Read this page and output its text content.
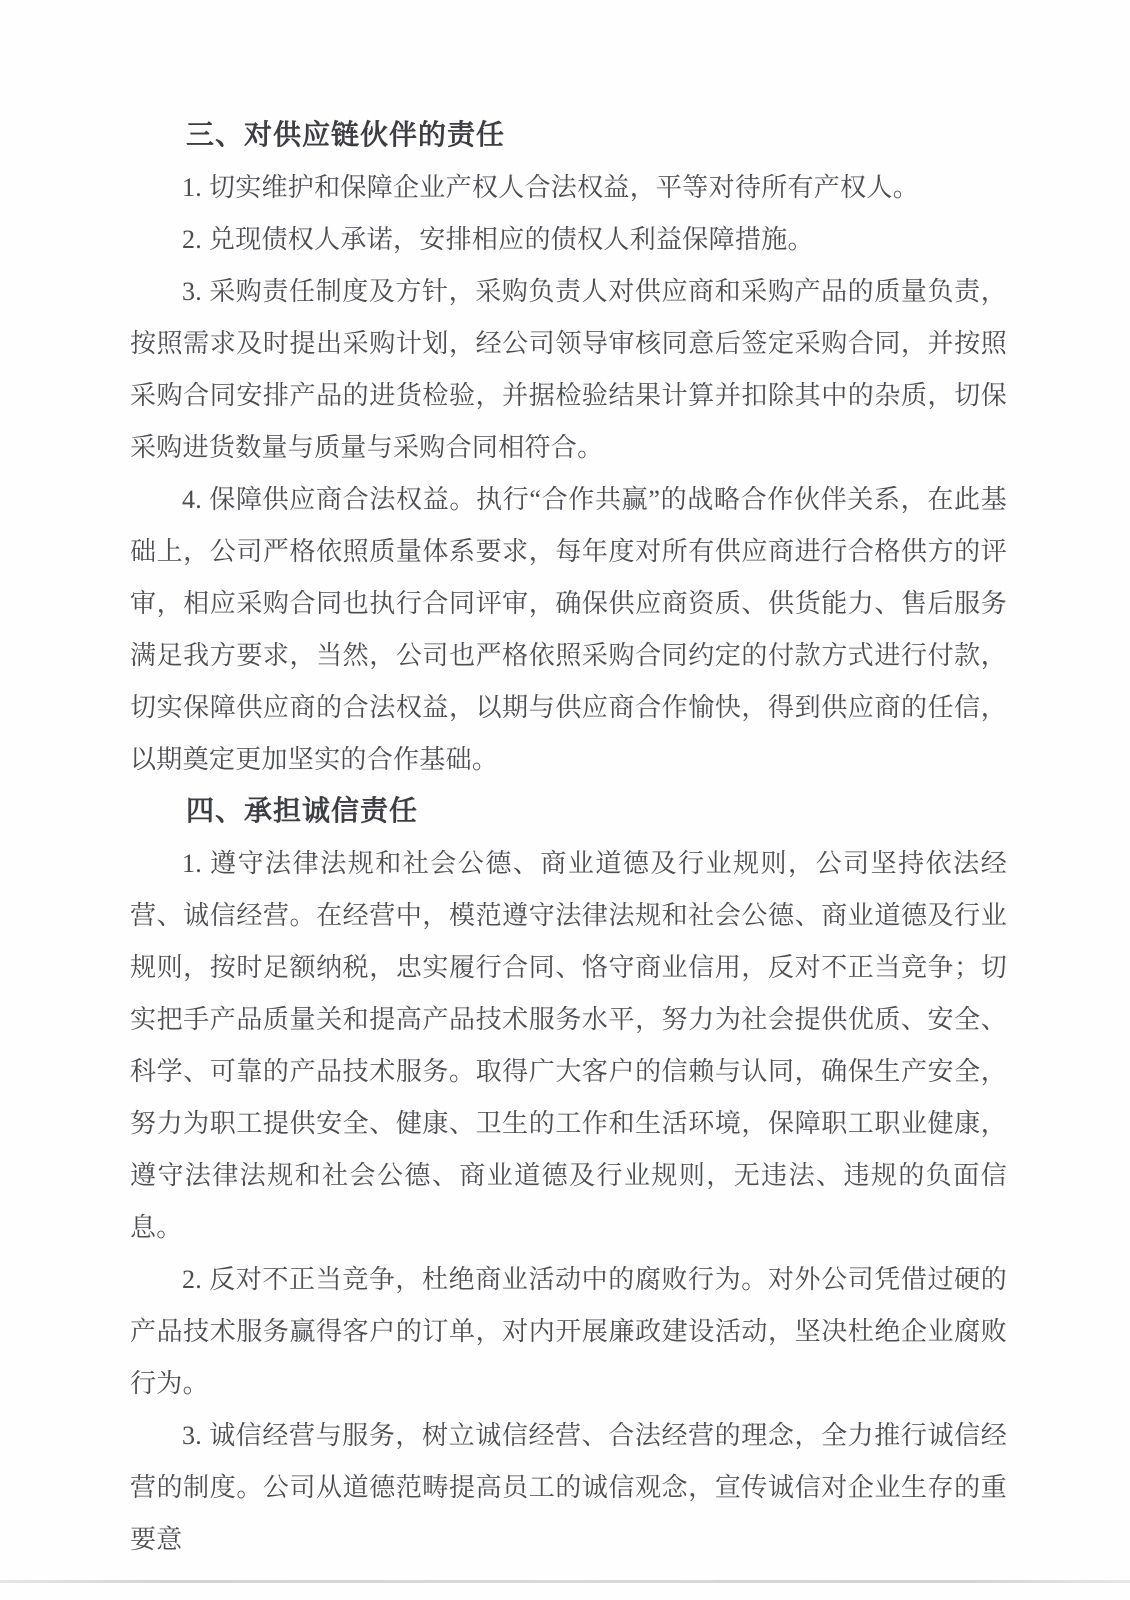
三、对供应链伙伴的责任

1. 切实维护和保障企业产权人合法权益，平等对待所有产权人。

2. 兑现债权人承诺，安排相应的债权人利益保障措施。

3. 采购责任制度及方针，采购负责人对供应商和采购产品的质量负责，按照需求及时提出采购计划，经公司领导审核同意后签定采购合同，并按照采购合同安排产品的进货检验，并据检验结果计算并扣除其中的杂质，切保采购进货数量与质量与采购合同相符合。

4. 保障供应商合法权益。执行“合作共赢”的战略合作伙伴关系，在此基础上，公司严格依照质量体系要求，每年度对所有供应商进行合格供方的评审，相应采购合同也执行合同评审，确保供应商资质、供货能力、售后服务满足我方要求，当然，公司也严格依照采购合同约定的付款方式进行付款，切实保障供应商的合法权益，以期与供应商合作愉快，得到供应商的任信，以期奠定更加坚实的合作基础。

四、承担诚信责任

1. 遵守法律法规和社会公德、商业道德及行业规则，公司坚持依法经营、诚信经营。在经营中，模范遵守法律法规和社会公德、商业道德及行业规则，按时足额纳税，忠实履行合同、恪守商业信用，反对不正当竞争；切实把手产品质量关和提高产品技术服务水平，努力为社会提供优质、安全、科学、可靠的产品技术服务。取得广大客户的信赖与认同，确保生产安全，努力为职工提供安全、健康、卫生的工作和生活环境，保障职工职业健康，遵守法律法规和社会公德、商业道德及行业规则，无违法、违规的负面信息。

2. 反对不正当竞争，杜绝商业活动中的腐败行为。对外公司凭借过硬的产品技术服务赢得客户的订单，对内开展廉政建设活动，坚决杜绝企业腐败行为。

3. 诚信经营与服务，树立诚信经营、合法经营的理念，全力推行诚信经营的制度。公司从道德范畴提高员工的诚信观念，宣传诚信对企业生存的重要意
